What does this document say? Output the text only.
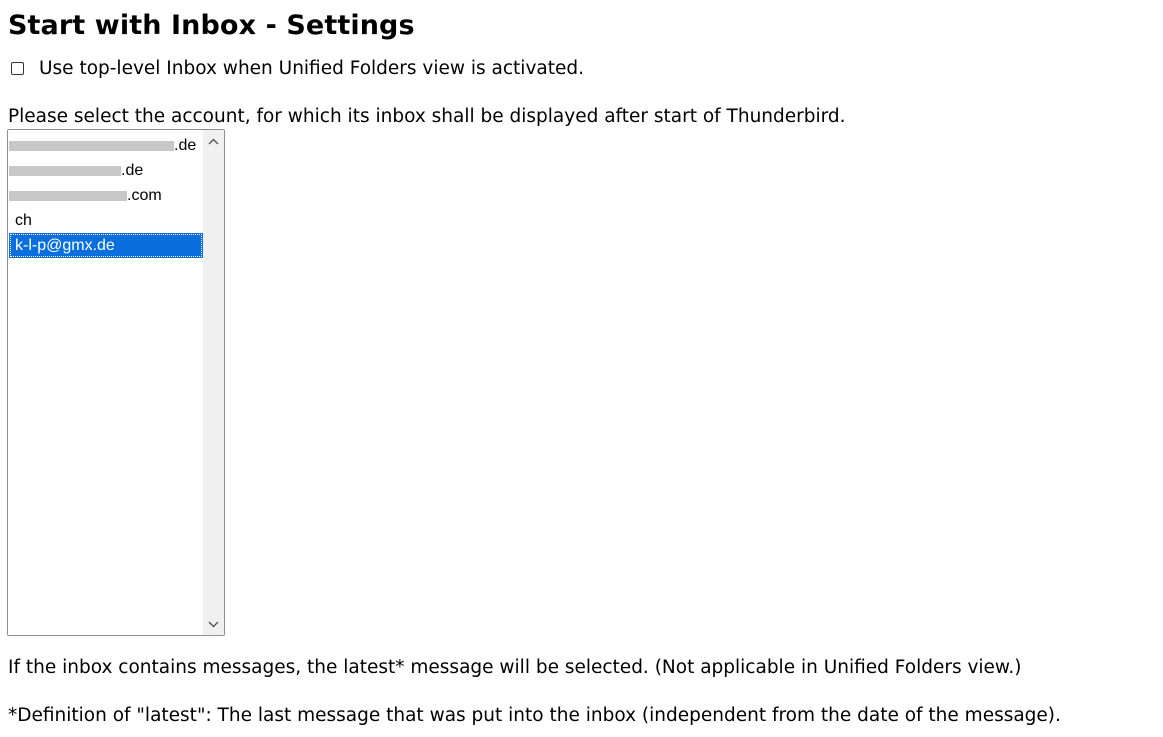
Start with Inbox - Settings
Use top-level Inbox when Unified Folders view is activated.
Please select the account, for which its inbox shall be displayed after start of Thunderbird.
.de
.de
.com
ch
k-l-p@gmx.de
If the inbox contains messages, the latest* message will be selected. (Not applicable in Unified Folders view.)
*Definition of "latest": The last message that was put into the inbox (independent from the date of the message).
